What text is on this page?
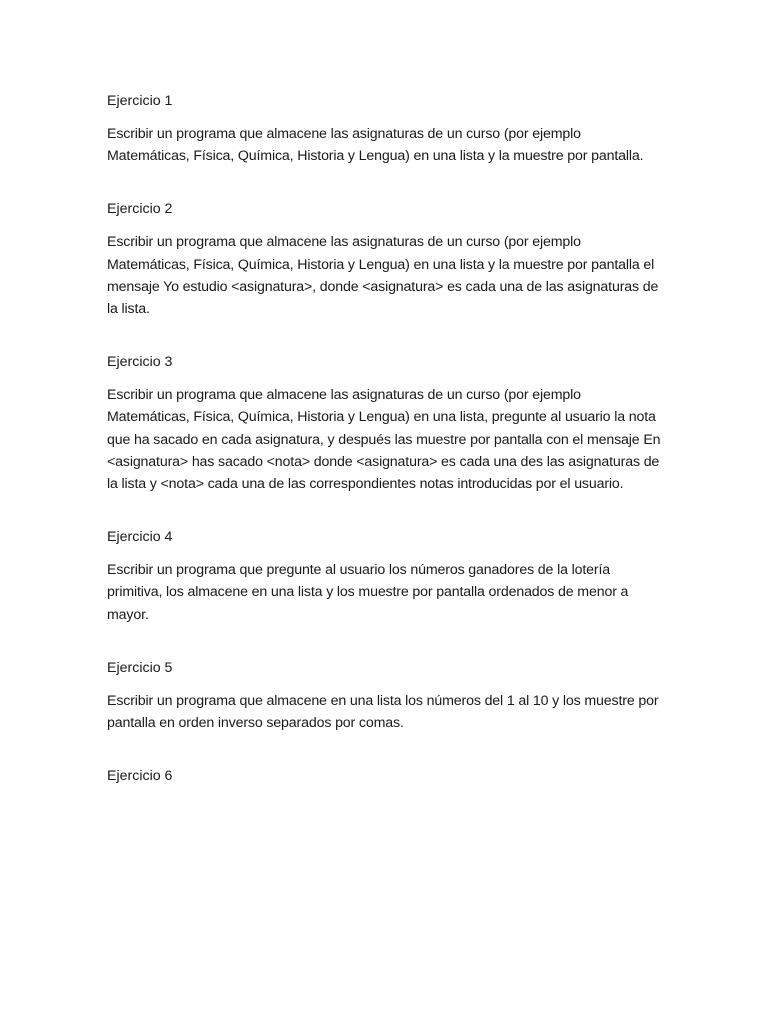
Ejercicio 1

Escribir un programa que almacene las asignaturas de un curso (por ejemplo Matemáticas, Física, Química, Historia y Lengua) en una lista y la muestre por pantalla.

Ejercicio 2

Escribir un programa que almacene las asignaturas de un curso (por ejemplo Matemáticas, Física, Química, Historia y Lengua) en una lista y la muestre por pantalla el mensaje Yo estudio <asignatura>, donde <asignatura> es cada una de las asignaturas de la lista.

Ejercicio 3

Escribir un programa que almacene las asignaturas de un curso (por ejemplo Matemáticas, Física, Química, Historia y Lengua) en una lista, pregunte al usuario la nota que ha sacado en cada asignatura, y después las muestre por pantalla con el mensaje En <asignatura> has sacado <nota> donde <asignatura> es cada una des las asignaturas de la lista y <nota> cada una de las correspondientes notas introducidas por el usuario.

Ejercicio 4

Escribir un programa que pregunte al usuario los números ganadores de la lotería primitiva, los almacene en una lista y los muestre por pantalla ordenados de menor a mayor.

Ejercicio 5

Escribir un programa que almacene en una lista los números del 1 al 10 y los muestre por pantalla en orden inverso separados por comas.

Ejercicio 6
